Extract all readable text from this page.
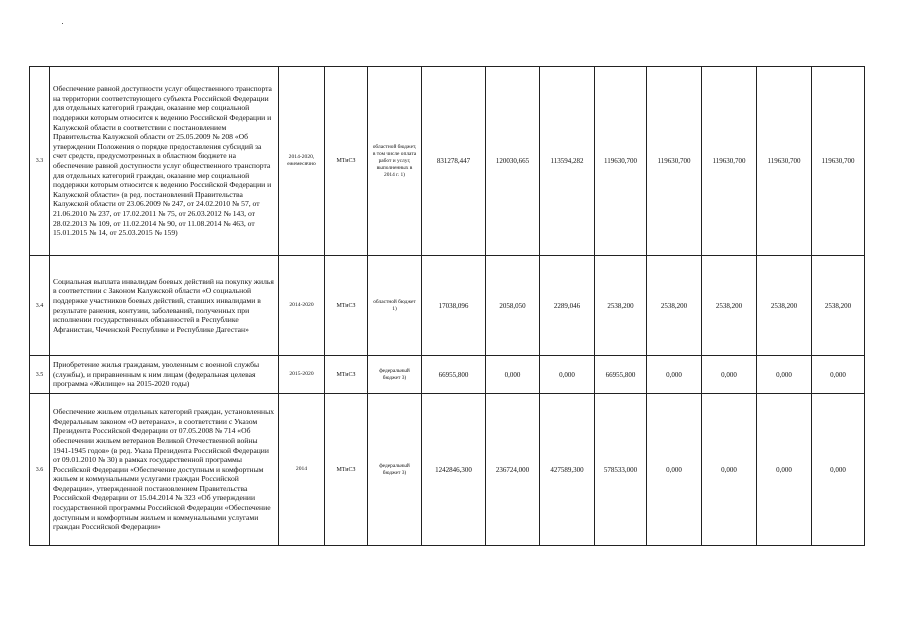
3.3	Обеспечение равной доступности услуг общественного транспорта на территории соответствующего субъекта Российской Федерации для отдельных категорий граждан, оказание мер социальной поддержки которым относится к ведению Российской Федерации и Калужской области в соответствии с постановлением Правительства Калужской области от 25.05.2009 № 208 «Об утверждении Положения о порядке предоставления субсидий за счет средств, предусмотренных в областном бюджете на обеспечение равной доступности услуг общественного транспорта для отдельных категорий граждан, оказание мер социальной поддержки которым относится к ведению Российской Федерации и Калужской области» (в ред. постановлений Правительства Калужской области от 23.06.2009 № 247, от 24.02.2010 № 57, от 21.06.2010 № 237, от 17.02.2011 № 75, от 26.03.2012 № 143, от 28.02.2013 № 109, от 11.02.2014 № 90, от 11.08.2014 № 463, от 15.01.2015 № 14, от 25.03.2015 № 159)	2014-2020, ежемесячно	МТиСЗ	областной бюджет, в том числе оплата работ и услуг, выполненных в 2014 г. 1)	831278,447	120030,665	113594,282	119630,700	119630,700	119630,700	119630,700	119630,700
3.4	Социальная выплата инвалидам боевых действий на покупку жилья в соответствии с Законом Калужской области «О социальной поддержке участников боевых действий, ставших инвалидами в результате ранения, контузии, заболеваний, полученных при исполнении государственных обязанностей в Республике Афганистан, Чеченской Республике и Республике Дагестан»	2014-2020	МТиСЗ	областной бюджет 1)	17038,096	2058,050	2289,046	2538,200	2538,200	2538,200	2538,200	2538,200
3.5	Приобретение жилья гражданам, уволенным с военной службы (службы), и приравненным к ним лицам (федеральная целевая программа «Жилище» на 2015-2020 годы)	2015-2020	МТиСЗ	федеральный бюджет 3)	66955,800	0,000	0,000	66955,800	0,000	0,000	0,000	0,000
3.6	Обеспечение жильем отдельных категорий граждан, установленных Федеральным законом «О ветеранах», в соответствии с Указом Президента Российской Федерации от 07.05.2008 № 714 «Об обеспечении жильем ветеранов Великой Отечественной войны 1941-1945 годов» (в ред. Указа Президента Российской Федерации от 09.01.2010 № 30) в рамках государственной программы Российской Федерации «Обеспечение доступным и комфортным жильем и коммунальными услугами граждан Российской Федерации», утвержденной постановлением Правительства Российской Федерации от 15.04.2014 № 323 «Об утверждении государственной программы Российской Федерации «Обеспечение доступным и комфортным жильем и коммунальными услугами граждан Российской Федерации»	2014	МТиСЗ	федеральный бюджет 3)	1242846,300	236724,000	427589,300	578533,000	0,000	0,000	0,000	0,000
